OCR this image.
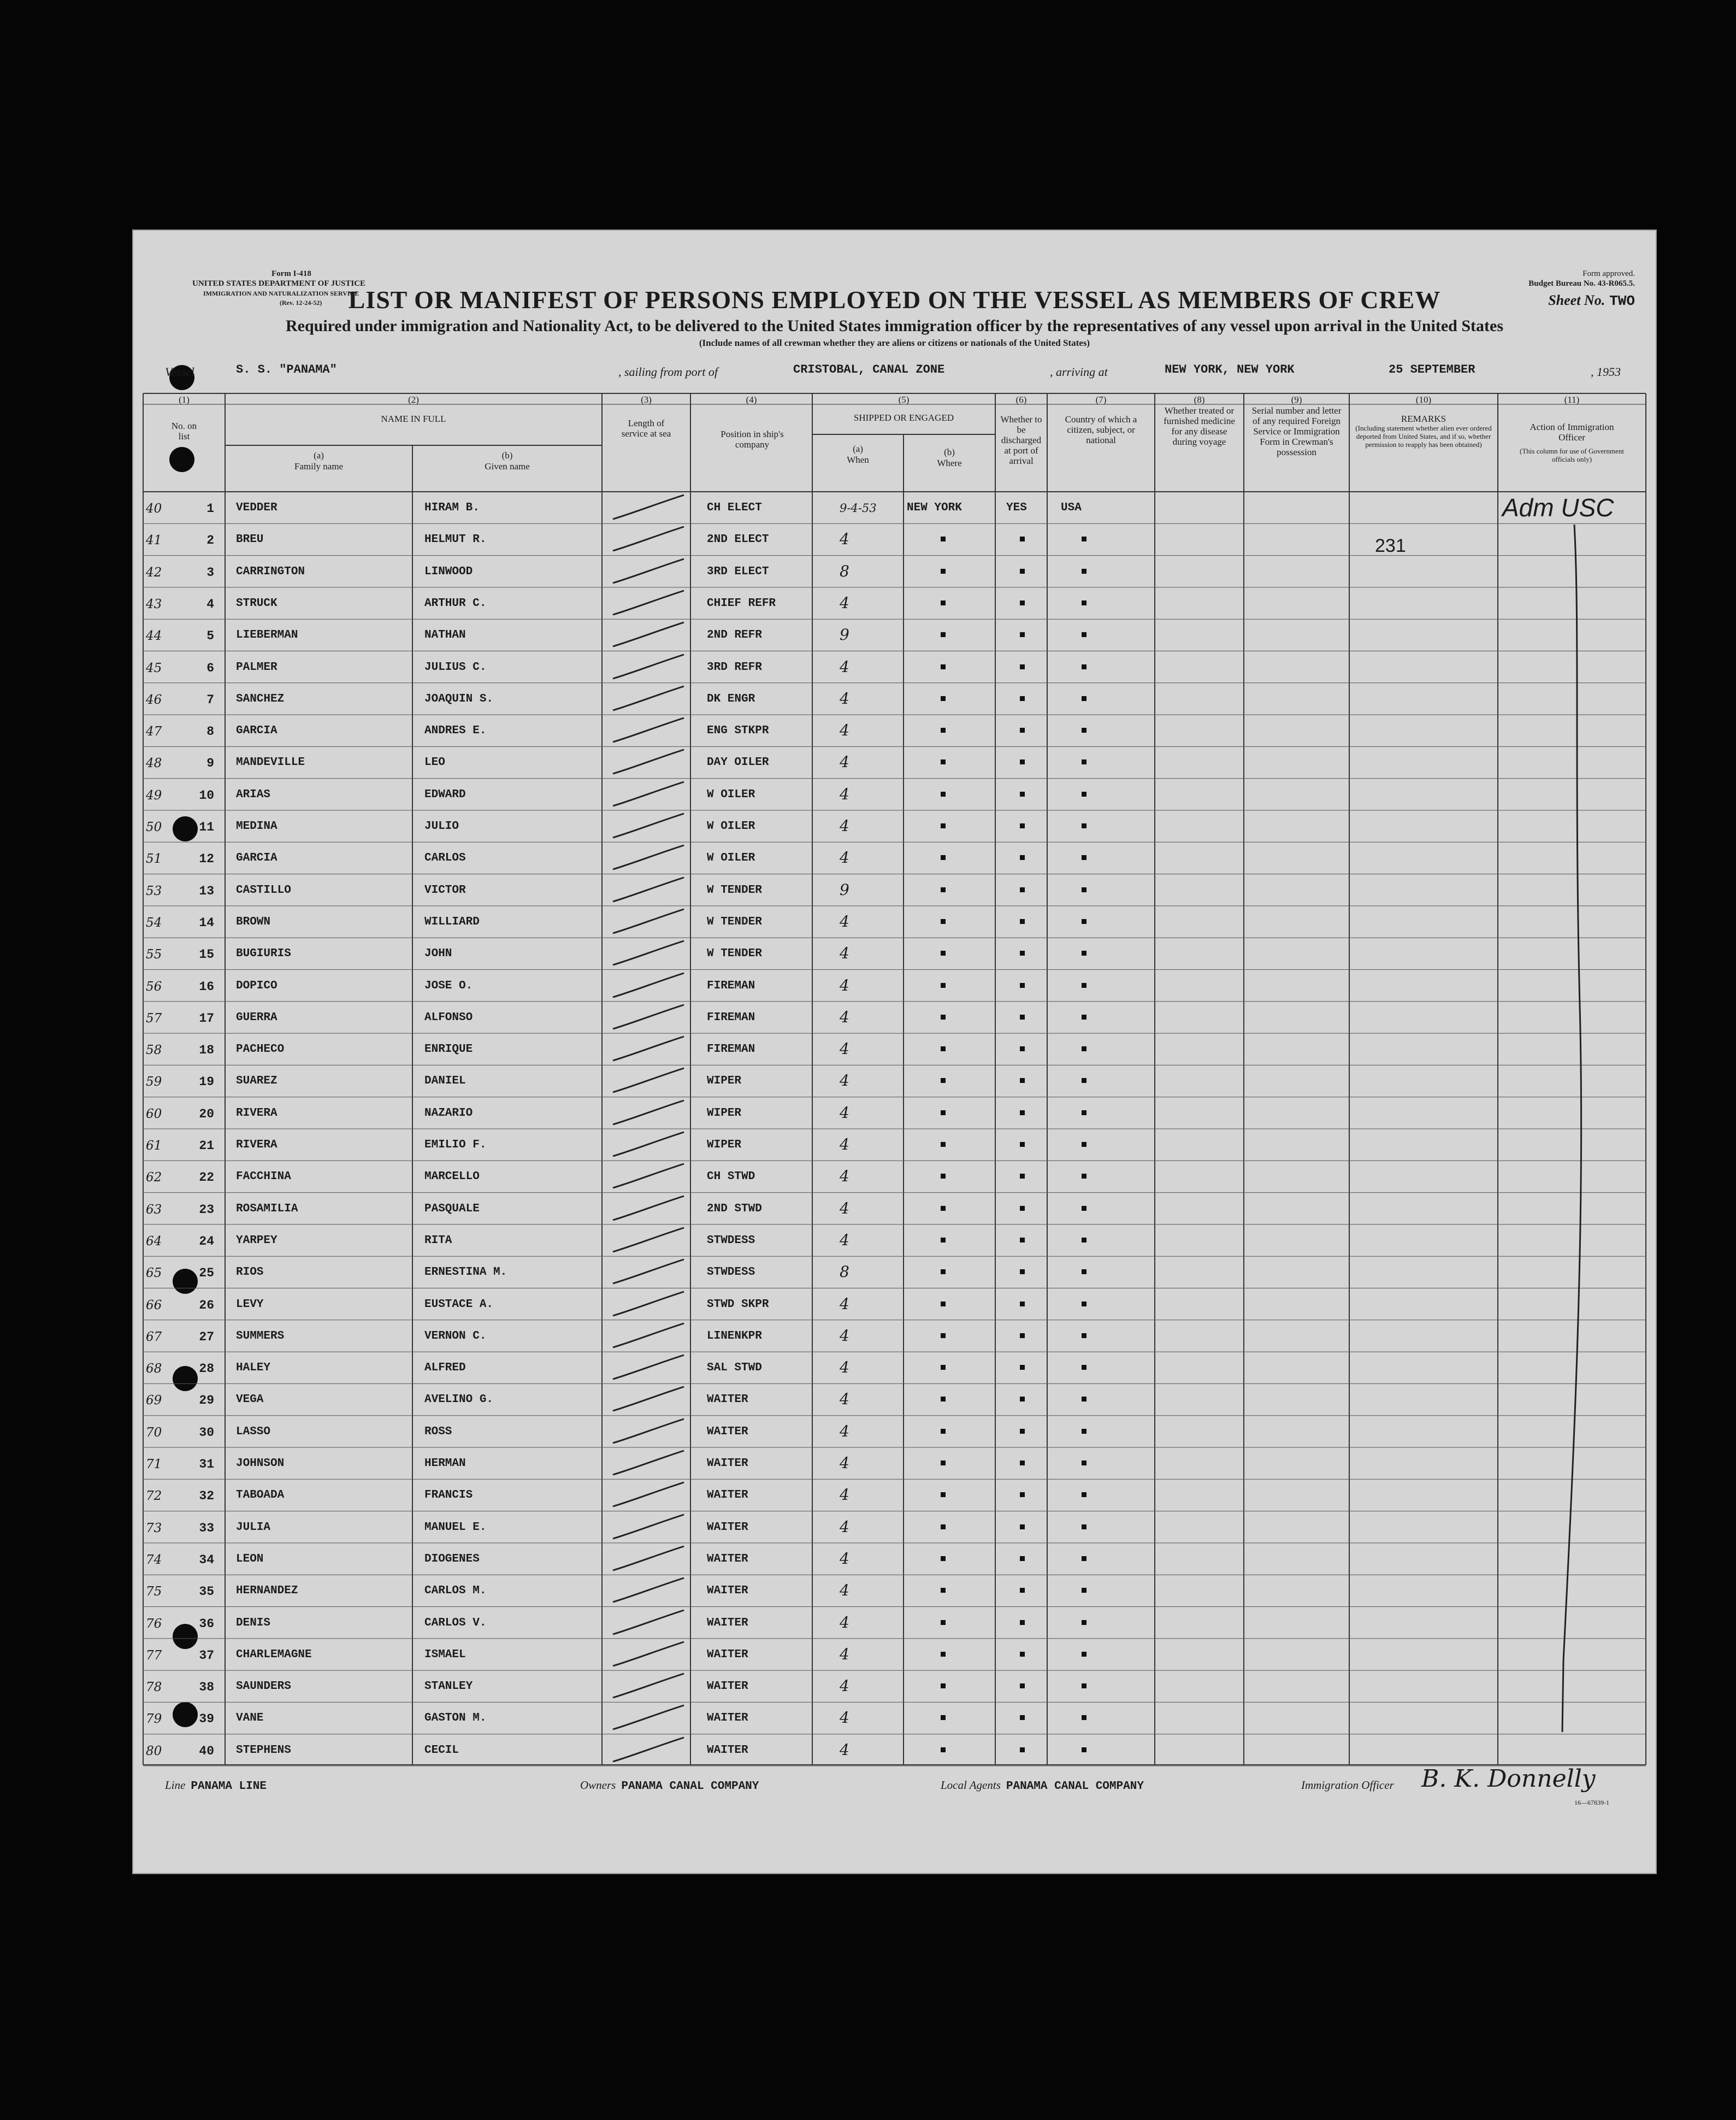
Form I-418
UNITED STATES DEPARTMENT OF JUSTICE
IMMIGRATION AND NATURALIZATION SERVICE
(Rev. 12-24-52)
Form approved.
Budget Bureau No. 43-R065.5.
LIST OR MANIFEST OF PERSONS EMPLOYED ON THE VESSEL AS MEMBERS OF CREW	Sheet No. TWO
Required under immigration and Nationality Act, to be delivered to the United States immigration officer by the representatives of any vessel upon arrival in the United States
(Include names of all crewman whether they are aliens or citizens or nationals of the United States)
Vessel	S. S. "PANAMA"	, sailing from port of	CRISTOBAL, CANAL ZONE	, arriving at	NEW YORK, NEW YORK	25 SEPTEMBER	, 1953
(1)
No. on list
(2)
NAME IN FULL
(a)
Family name
(b)
Given name
(3)
Length of service at sea
(4)
Position in ship's company
(5)
SHIPPED OR ENGAGED
(a)
When
(b)
Where
(6)
Whether to be discharged at port of arrival
(7)
Country of which a citizen, subject, or national
(8)
Whether treated or furnished medicine for any disease during voyage
(9)
Serial number and letter of any required Foreign Service or Immigration Form in Crewman's possession
(10)
REMARKS
(Including statement whether alien ever ordered deported from United States, and if so, whether permission to reapply has been obtained)
(11)
Action of Immigration Officer
(This column for use of Government officials only)
40	1 VEDDER	HIRAM B.	CH ELECT	9-4-53	NEW YORK	YES	USA
41	2 BREU	HELMUT R.	2ND ELECT	4
42	3 CARRINGTON	LINWOOD	3RD ELECT	8
43	4 STRUCK	ARTHUR C.	CHIEF REFR	4
44	5 LIEBERMAN	NATHAN	2ND REFR	9
45	6 PALMER	JULIUS C.	3RD REFR	4
46	7 SANCHEZ	JOAQUIN S.	DK ENGR	4
47	8 GARCIA	ANDRES E.	ENG STKPR	4
48	9 MANDEVILLE	LEO	DAY OILER	4
49	10 ARIAS	EDWARD	W OILER	4
50	11 MEDINA	JULIO	W OILER	4
51	12 GARCIA	CARLOS	W OILER	4
53	13 CASTILLO	VICTOR	W TENDER	9
54	14 BROWN	WILLIARD	W TENDER	4
55	15 BUGIURIS	JOHN	W TENDER	4
56	16 DOPICO	JOSE O.	FIREMAN	4
57	17 GUERRA	ALFONSO	FIREMAN	4
58	18 PACHECO	ENRIQUE	FIREMAN	4
59	19 SUAREZ	DANIEL	WIPER	4
60	20 RIVERA	NAZARIO	WIPER	4
61	21 RIVERA	EMILIO F.	WIPER	4
62	22 FACCHINA	MARCELLO	CH STWD	4
63	23 ROSAMILIA	PASQUALE	2ND STWD	4
64	24 YARPEY	RITA	STWDESS	4
65	25 RIOS	ERNESTINA M.	STWDESS	8
66	26 LEVY	EUSTACE A.	STWD SKPR	4
67	27 SUMMERS	VERNON C.	LINENKPR	4
68	28 HALEY	ALFRED	SAL STWD	4
69	29 VEGA	AVELINO G.	WAITER	4
70	30 LASSO	ROSS	WAITER	4
71	31 JOHNSON	HERMAN	WAITER	4
72	32 TABOADA	FRANCIS	WAITER	4
73	33 JULIA	MANUEL E.	WAITER	4
74	34 LEON	DIOGENES	WAITER	4
75	35 HERNANDEZ	CARLOS M.	WAITER	4
76	36 DENIS	CARLOS V.	WAITER	4
77	37 CHARLEMAGNE	ISMAEL	WAITER	4
78	38 SAUNDERS	STANLEY	WAITER	4
79	39 VANE	GASTON M.	WAITER	4
80	40 STEPHENS	CECIL	WAITER	4
231
Adm USC
Line PANAMA LINE	Owners PANAMA CANAL COMPANY	Local Agents PANAMA CANAL COMPANY	Immigration Officer B. K. Donnelly
16—67839-1
